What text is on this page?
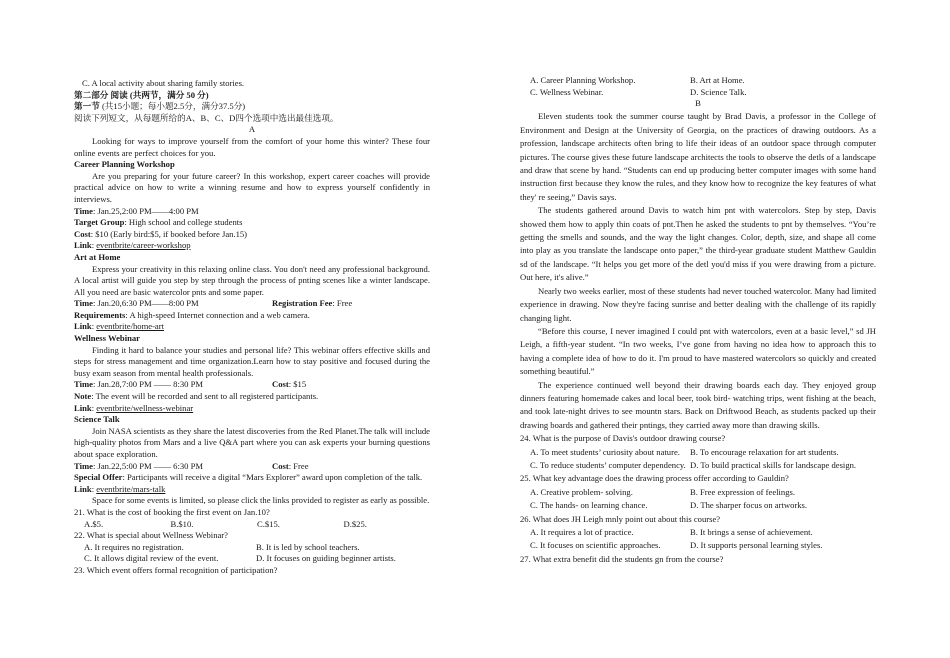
C. A local activity about sharing family stories.
第二部分 阅读 (共两节，满分 50 分)
第一节 (共15小题；每小题2.5分，满分37.5分)
阅读下列短文，从每题所给的A、B、C、D四个选项中选出最佳选项。
A
Looking for ways to improve yourself from the comfort of your home this winter? These four online events are perfect choices for you.
Career Planning Workshop
Are you preparing for your future career? In this workshop, expert career coaches will provide practical advice on how to write a winning resume and how to express yourself confidently in interviews.
Time: Jan.25,2:00 PM——4:00 PM
Target Group: High school and college students
Cost: $10 (Early bird:$5, if booked before Jan.15)
Link: eventbrite/career-workshop
Art at Home
Express your creativity in this relaxing online class. You don't need any professional background. A local artist will guide you step by step through the process of pnting scenes like a winter landscape. All you need are basic watercolor pnts and some paper.
Time: Jan.20,6:30 PM——8:00 PM	Registration Fee: Free
Requirements: A high-speed Internet connection and a web camera.
Link: eventbrite/home-art
Wellness Webinar
Finding it hard to balance your studies and personal life? This webinar offers effective skills and steps for stress management and time organization.Learn how to stay positive and focused during the busy exam season from mental health professionals.
Time: Jan.28,7:00 PM —— 8:30 PM	Cost: $15
Note: The event will be recorded and sent to all registered participants.
Link: eventbrite/wellness-webinar
Science Talk
Join NASA scientists as they share the latest discoveries from the Red Planet.The talk will include high-quality photos from Mars and a live Q&A part where you can ask experts your burning questions about space exploration.
Time: Jan.22,5:00 PM —— 6:30 PM	Cost: Free
Special Offer: Participants will receive a digital “Mars Explorer” award upon completion of the talk.
Link: eventbrite/mars-talk
Space for some events is limited, so please click the links provided to register as early as possible.
21. What is the cost of booking the first event on Jan.10?
A.$5.	B.$10.	C.$15.	D.$25.
22. What is special about Wellness Webinar?
A. It requires no registration.	B. It is led by school teachers.
C. It allows digital review of the event.	D. It focuses on guiding beginner artists.
23. Which event offers formal recognition of participation?
A. Career Planning Workshop.	B. Art at Home.
C. Wellness Webinar.	D. Science Talk.
B
Eleven students took the summer course taught by Brad Davis, a professor in the College of Environment and Design at the University of Georgia, on the practices of drawing outdoors. As a profession, landscape architects often bring to life their ideas of an outdoor space through computer pictures. The course gives these future landscape architects the tools to observe the detls of a landscape and draw that scene by hand. “Students can end up producing better computer images with some hand instruction first because they know the rules, and they know how to recognize the key features of what they' re seeing,” Davis says.
The students gathered around Davis to watch him pnt with watercolors. Step by step, Davis showed them how to apply thin coats of pnt.Then he asked the students to pnt by themselves. “You’re getting the smells and sounds, and the way the light changes. Color, depth, size, and shape all come into play as you translate the landscape onto paper,” the third-year graduate student Matthew Gauldin sd of the landscape. “It helps you get more of the detl you'd miss if you were drawing from a picture. Out here, it's alive.”
Nearly two weeks earlier, most of these students had never touched watercolor. Many had limited experience in drawing. Now they're facing sunrise and better dealing with the challenge of its rapidly changing light.
“Before this course, I never imagined I could pnt with watercolors, even at a basic level,” sd JH Leigh, a fifth-year student. “In two weeks, I’ve gone from having no idea how to approach this to having a complete idea of how to do it. I'm proud to have mastered watercolors so quickly and created something beautiful.”
The experience continued well beyond their drawing boards each day. They enjoyed group dinners featuring homemade cakes and local beer, took bird- watching trips, went fishing at the beach, and took late-night drives to see mountn stars. Back on Driftwood Beach, as students packed up their drawing boards and gathered their pntings, they carried away more than drawing skills.
24. What is the purpose of Davis's outdoor drawing course?
A. To meet students’ curiosity about nature.	B. To encourage relaxation for art students.
C. To reduce students’ computer dependency. D. To build practical skills for landscape design.
25. What key advantage does the drawing process offer according to Gauldin?
A. Creative problem- solving.	B. Free expression of feelings.
C. The hands- on learning chance.	D. The sharper focus on artworks.
26. What does JH Leigh mnly point out about this course?
A. It requires a lot of practice.	B. It brings a sense of achievement.
C. It focuses on scientific approaches.	D. It supports personal learning styles.
27. What extra benefit did the students gn from the course?
